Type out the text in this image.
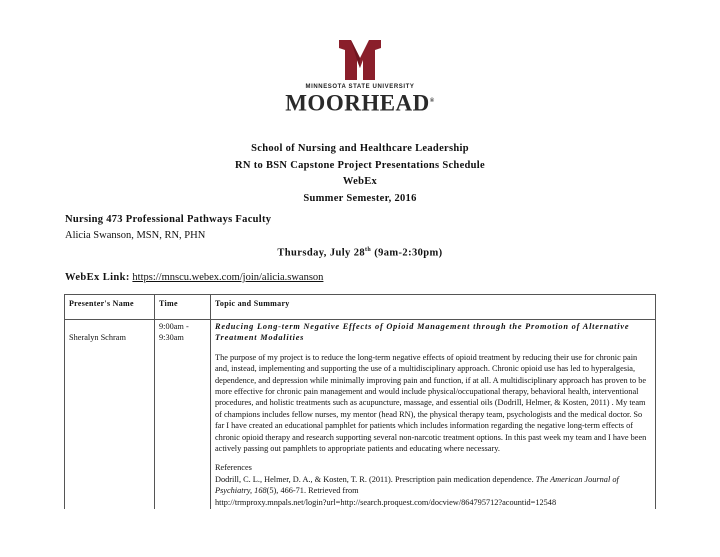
MINNESOTA STATE UNIVERSITY
MOORHEAD®
School of Nursing and Healthcare Leadership
RN to BSN Capstone Project Presentations Schedule
WebEx
Summer Semester, 2016
Nursing 473 Professional Pathways Faculty
Alicia Swanson, MSN, RN, PHN
Thursday, July 28th (9am-2:30pm)
WebEx Link: https://mnscu.webex.com/join/alicia.swanson
Presenter's Name	Time	Topic and Summary
Sheralyn Schram	9:00am - 9:30am	Reducing Long-term Negative Effects of Opioid Management through the Promotion of Alternative Treatment Modalities
The purpose of my project is to reduce the long-term negative effects of opioid treatment by reducing their use for chronic pain and, instead, implementing and supporting the use of a multidisciplinary approach. Chronic opioid use has led to hyperalgesia, dependence, and depression while minimally improving pain and function, if at all. A multidisciplinary approach has proven to be more effective for chronic pain management and would include physical/occupational therapy, behavioral health, interventional procedures, and holistic treatments such as acupuncture, massage, and essential oils (Dodrill, Helmer, & Kosten, 2011) . My team of champions includes fellow nurses, my mentor (head RN), the physical therapy team, psychologists and the medical doctor. So far I have created an educational pamphlet for patients which includes information regarding the negative long-term effects of chronic opioid therapy and research supporting several non-narcotic treatment options. In this past week my team and I have been actively passing out pamphlets to appropriate patients and educating where necessary.
References
Dodrill, C. L., Helmer, D. A., & Kosten, T. R. (2011). Prescription pain medication dependence. The American Journal of Psychiatry, 168(5), 466-71. Retrieved from
http://trmproxy.mnpals.net/login?url=http://search.proquest.com/docview/864795712?acountid=12548
